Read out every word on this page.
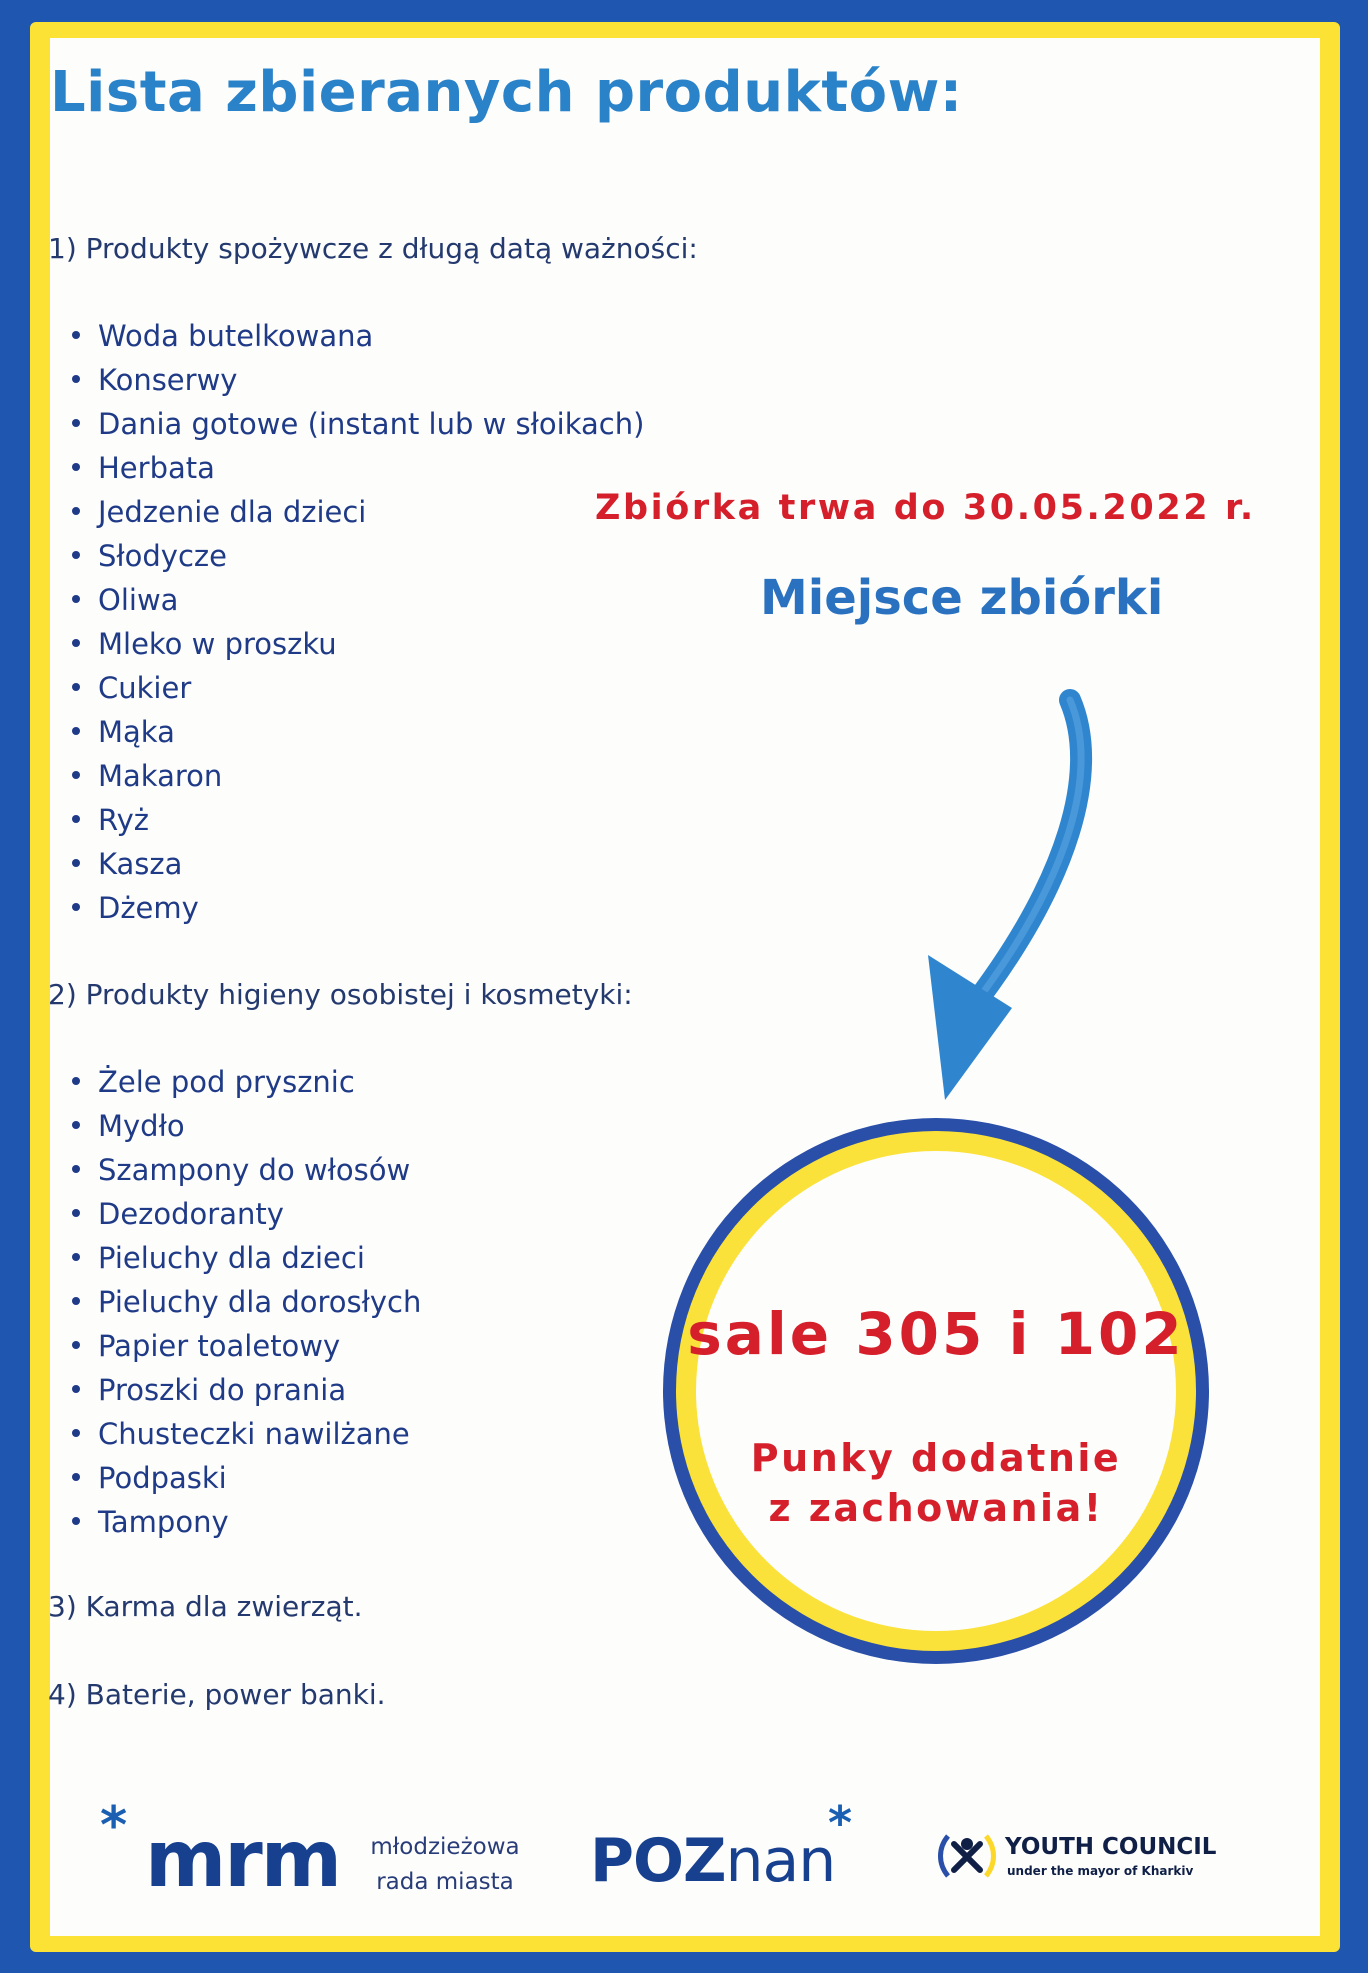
Lista zbieranych produktów:
1) Produkty spożywcze z długą datą ważności:
Woda butelkowana
Konserwy
Dania gotowe (instant lub w słoikach)
Herbata
Jedzenie dla dzieci
Słodycze
Oliwa
Mleko w proszku
Cukier
Mąka
Makaron
Ryż
Kasza
Dżemy
2) Produkty higieny osobistej i kosmetyki:
Żele pod prysznic
Mydło
Szampony do włosów
Dezodoranty
Pieluchy dla dzieci
Pieluchy dla dorosłych
Papier toaletowy
Proszki do prania
Chusteczki nawilżane
Podpaski
Tampony
3) Karma dla zwierząt.
4) Baterie, power banki.

Zbiórka trwa do 30.05.2022 r.

Miejsce zbiórki

sale 305 i 102

Punky dodatnie
z zachowania!

* mrm młodzieżowa
rada miasta POZnan
*	YOUTH COUNCIL
under the mayor of Kharkiv
